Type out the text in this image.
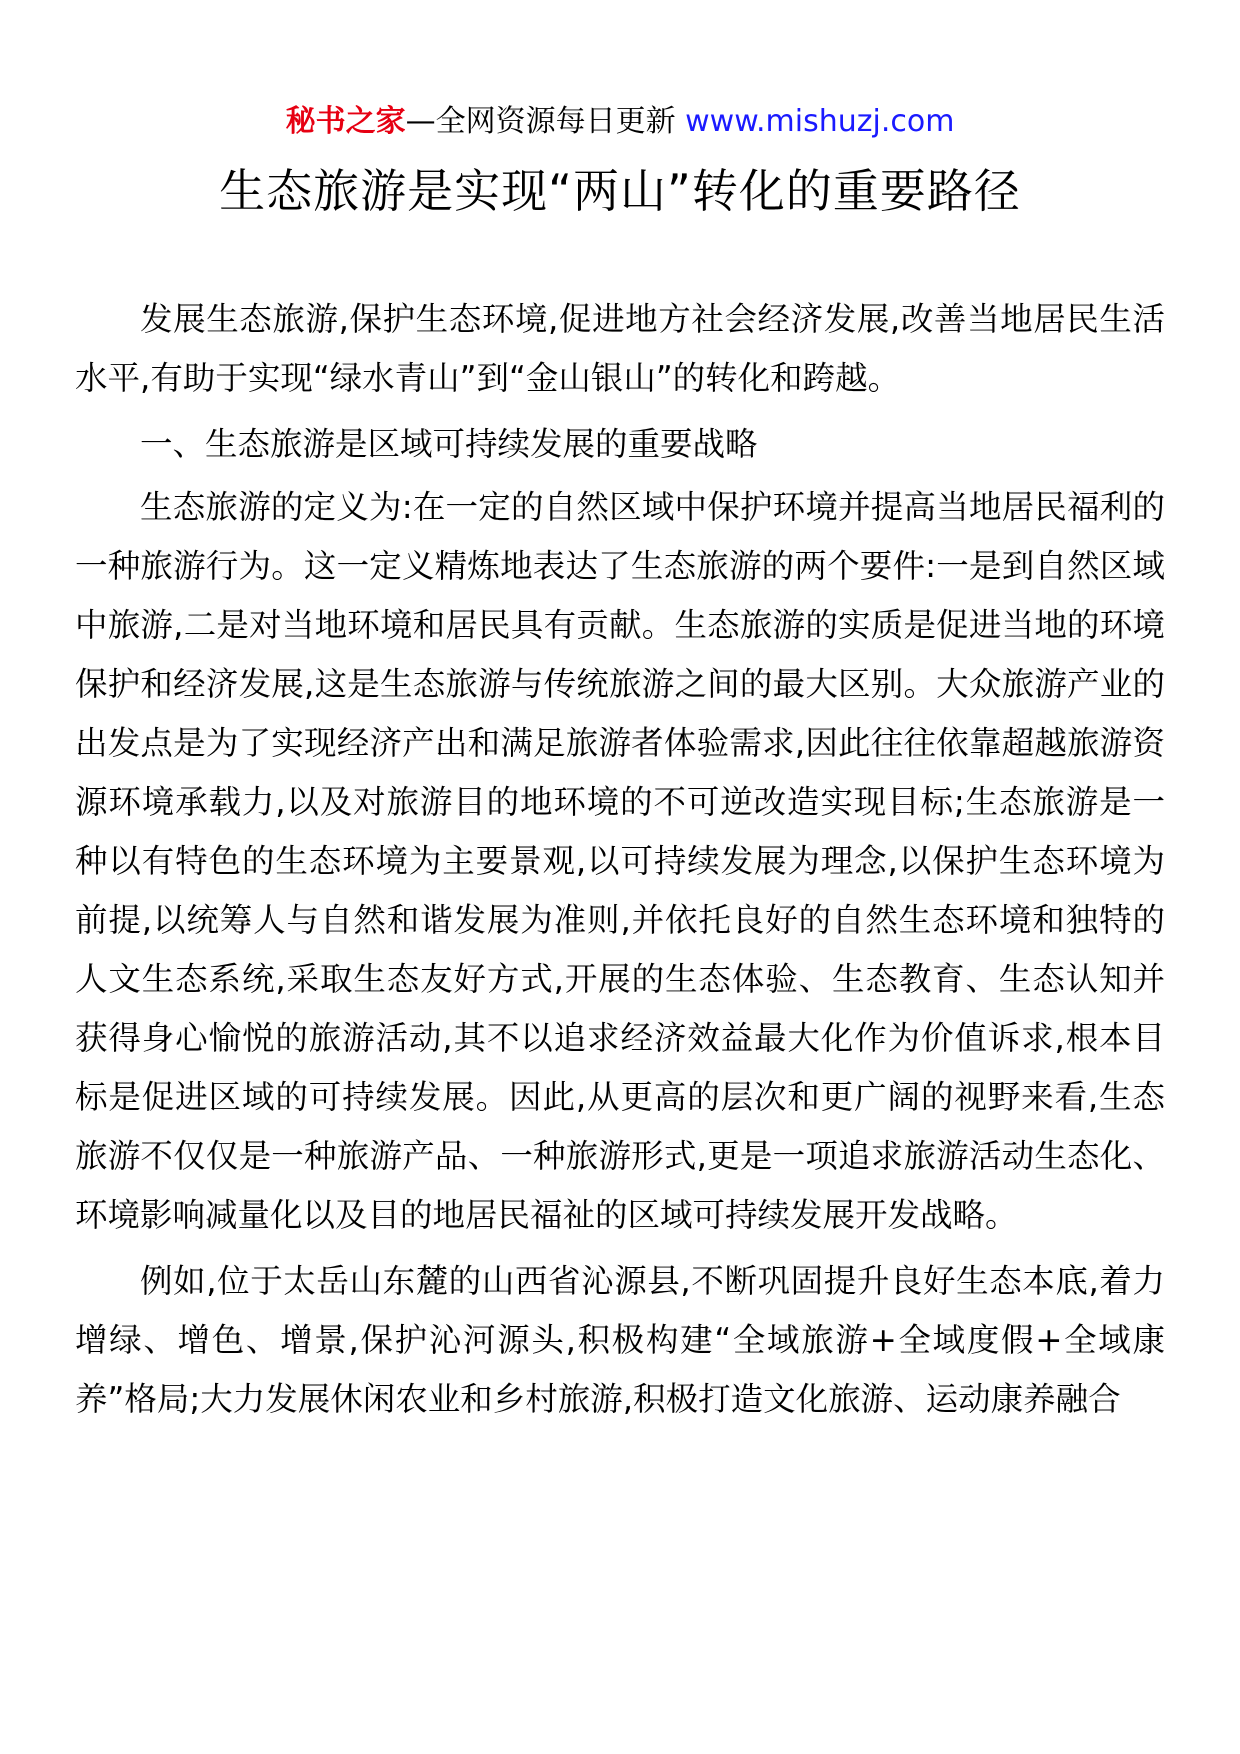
秘书之家—全网资源每日更新 www.mishuzj.com
生态旅游是实现“两山”转化的重要路径

发展生态旅游,保护生态环境,促进地方社会经济发展,改善当地居民生活水平,有助于实现“绿水青山”到“金山银山”的转化和跨越。

一、生态旅游是区域可持续发展的重要战略

生态旅游的定义为:在一定的自然区域中保护环境并提高当地居民福利的一种旅游行为。这一定义精炼地表达了生态旅游的两个要件:一是到自然区域中旅游,二是对当地环境和居民具有贡献。生态旅游的实质是促进当地的环境保护和经济发展,这是生态旅游与传统旅游之间的最大区别。大众旅游产业的出发点是为了实现经济产出和满足旅游者体验需求,因此往往依靠超越旅游资源环境承载力,以及对旅游目的地环境的不可逆改造实现目标;生态旅游是一种以有特色的生态环境为主要景观,以可持续发展为理念,以保护生态环境为前提,以统筹人与自然和谐发展为准则,并依托良好的自然生态环境和独特的人文生态系统,采取生态友好方式,开展的生态体验、生态教育、生态认知并获得身心愉悦的旅游活动,其不以追求经济效益最大化作为价值诉求,根本目标是促进区域的可持续发展。因此,从更高的层次和更广阔的视野来看,生态旅游不仅仅是一种旅游产品、一种旅游形式,更是一项追求旅游活动生态化、环境影响减量化以及目的地居民福祉的区域可持续发展开发战略。

例如,位于太岳山东麓的山西省沁源县,不断巩固提升良好生态本底,着力增绿、增色、增景,保护沁河源头,积极构建“全域旅游+全域度假+全域康养”格局;大力发展休闲农业和乡村旅游,积极打造文化旅游、运动康养融合
